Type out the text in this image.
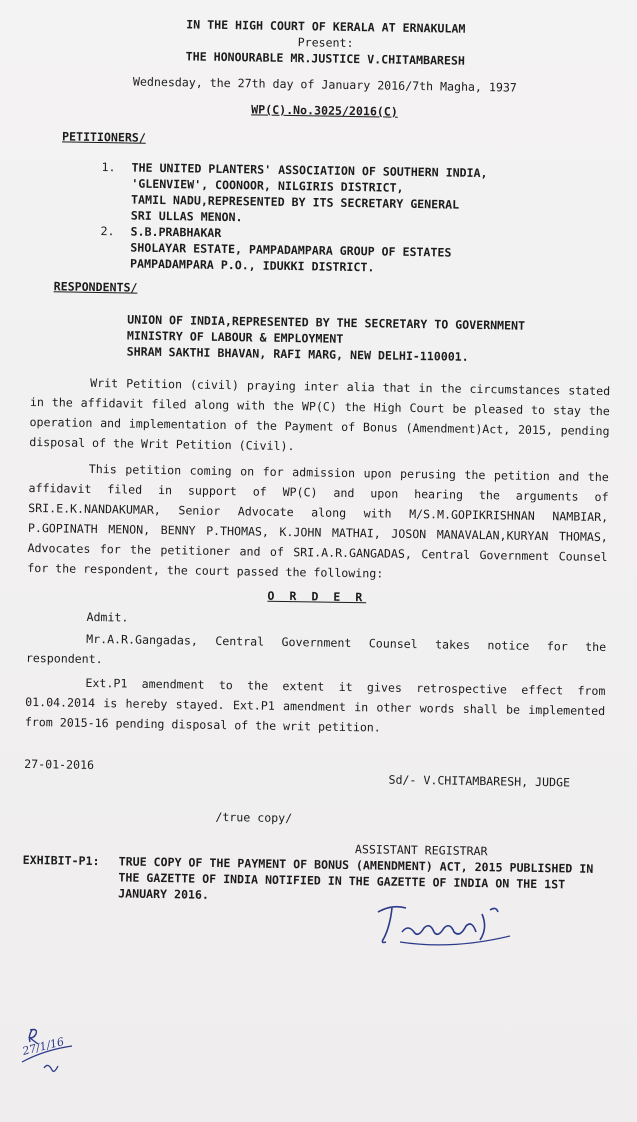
IN THE HIGH COURT OF KERALA AT ERNAKULAM
Present:
THE HONOURABLE MR.JUSTICE V.CHITAMBARESH
Wednesday, the 27th day of January 2016/7th Magha, 1937
WP(C).No.3025/2016(C)
PETITIONERS/
1.	THE UNITED PLANTERS' ASSOCIATION OF SOUTHERN INDIA,
'GLENVIEW', COONOOR, NILGIRIS DISTRICT,
TAMIL NADU,REPRESENTED BY ITS SECRETARY GENERAL
SRI ULLAS MENON.
2.	S.B.PRABHAKAR
SHOLAYAR ESTATE, PAMPADAMPARA GROUP OF ESTATES
PAMPADAMPARA P.O., IDUKKI DISTRICT.
RESPONDENTS/
UNION OF INDIA,REPRESENTED BY THE SECRETARY TO GOVERNMENT
MINISTRY OF LABOUR & EMPLOYMENT
SHRAM SAKTHI BHAVAN, RAFI MARG, NEW DELHI-110001.
Writ Petition (civil) praying inter alia that in the circumstances stated in the affidavit filed along with the WP(C) the High Court be pleased to stay the operation and implementation of the Payment of Bonus (Amendment)Act, 2015, pending disposal of the Writ Petition (Civil).
This petition coming on for admission upon perusing the petition and the affidavit filed in support of WP(C) and upon hearing the arguments of SRI.E.K.NANDAKUMAR, Senior Advocate along with M/S.M.GOPIKRISHNAN NAMBIAR, P.GOPINATH MENON, BENNY P.THOMAS, K.JOHN MATHAI, JOSON MANAVALAN,KURYAN THOMAS, Advocates for the petitioner and of SRI.A.R.GANGADAS, Central Government Counsel for the respondent, the court passed the following:
O R D E R
Admit.
Mr.A.R.Gangadas, Central Government Counsel takes notice for the respondent.
Ext.P1 amendment to the extent it gives retrospective effect from 01.04.2014 is hereby stayed. Ext.P1 amendment in other words shall be implemented from 2015-16 pending disposal of the writ petition.
27-01-2016
Sd/- V.CHITAMBARESH, JUDGE
/true copy/
ASSISTANT REGISTRAR
EXHIBIT-P1:	TRUE COPY OF THE PAYMENT OF BONUS (AMENDMENT) ACT, 2015 PUBLISHED IN THE GAZETTE OF INDIA NOTIFIED IN THE GAZETTE OF INDIA ON THE 1ST JANUARY 2016.
27/1/16
